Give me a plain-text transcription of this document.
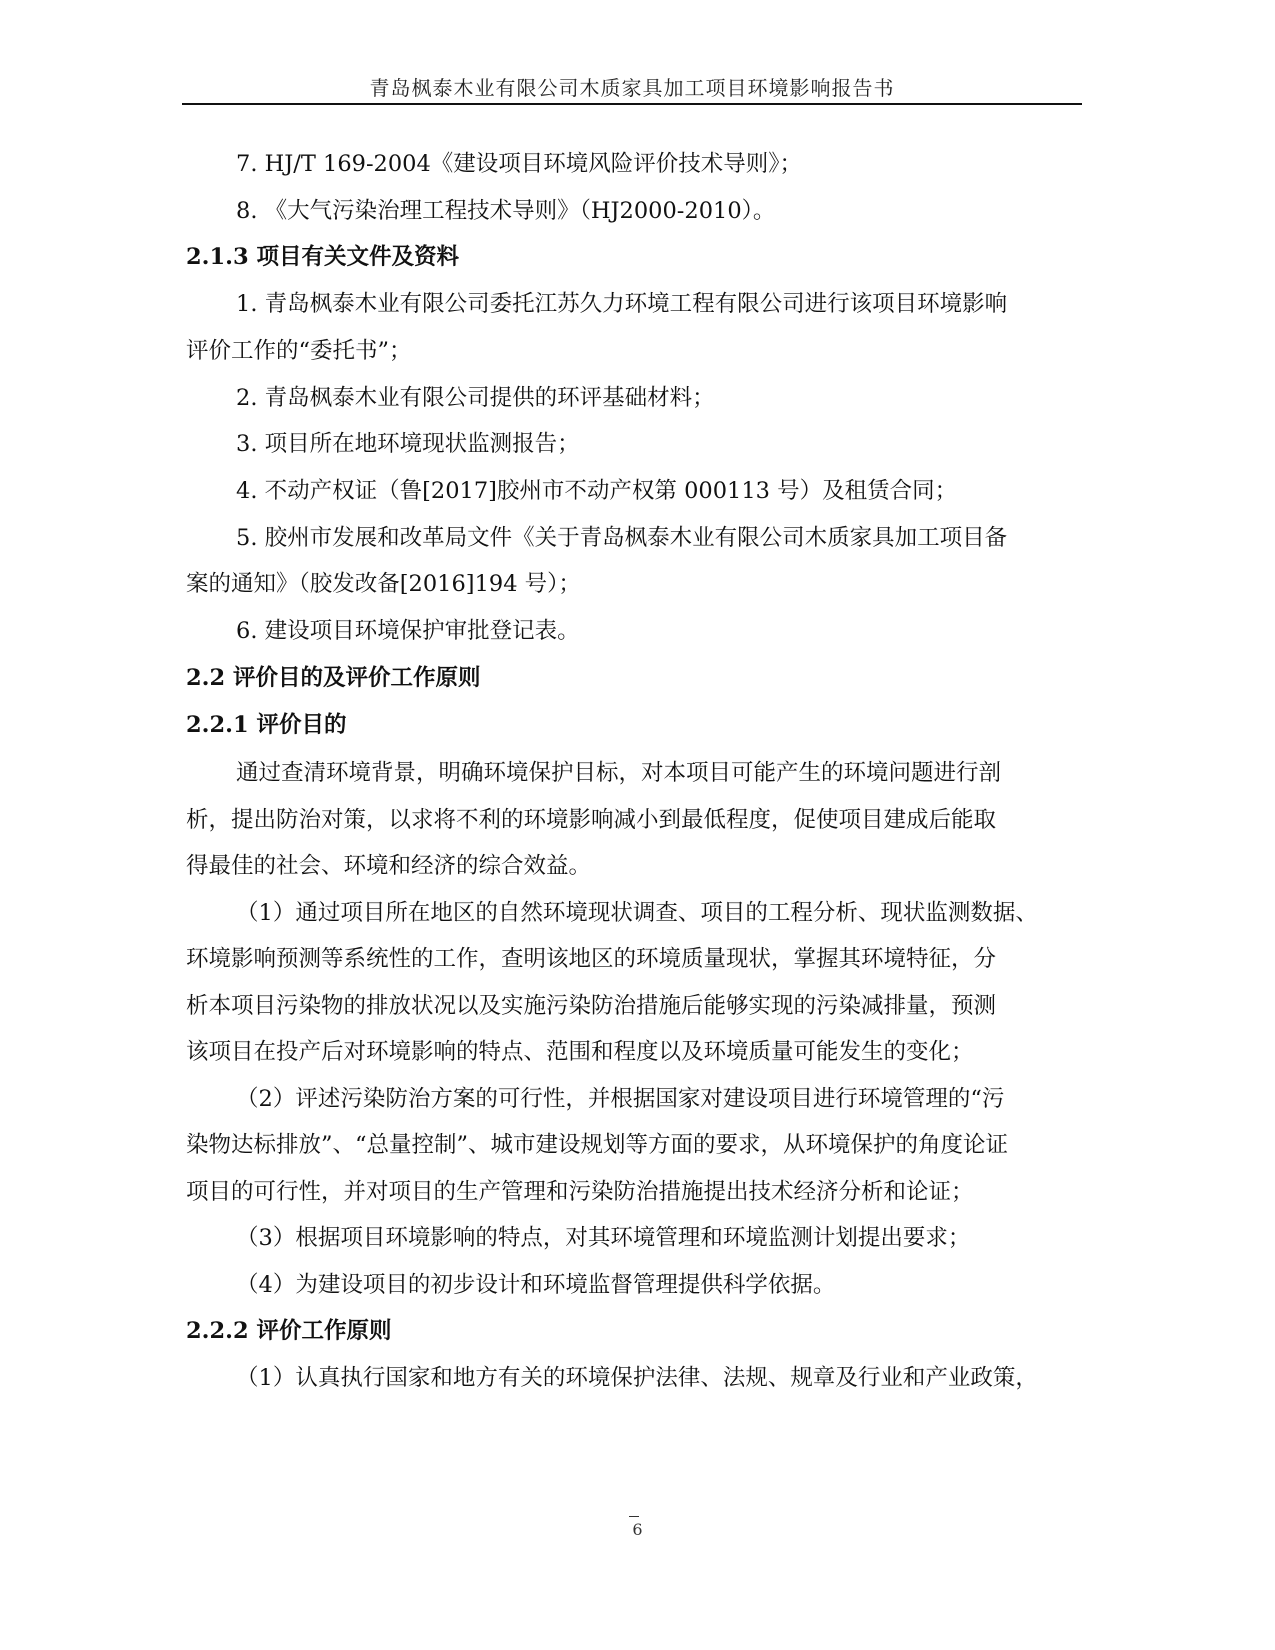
青岛枫泰木业有限公司木质家具加工项目环境影响报告书
7. HJ/T 169-2004《建设项目环境风险评价技术导则》；
8. 《大气污染治理工程技术导则》（HJ2000-2010）。
2.1.3 项目有关文件及资料
1. 青岛枫泰木业有限公司委托江苏久力环境工程有限公司进行该项目环境影响
评价工作的“委托书”；
2. 青岛枫泰木业有限公司提供的环评基础材料；
3. 项目所在地环境现状监测报告；
4. 不动产权证（鲁[2017]胶州市不动产权第 000113 号）及租赁合同；
5. 胶州市发展和改革局文件《关于青岛枫泰木业有限公司木质家具加工项目备
案的通知》（胶发改备[2016]194 号）；
6. 建设项目环境保护审批登记表。
2.2 评价目的及评价工作原则
2.2.1 评价目的
通过查清环境背景，明确环境保护目标，对本项目可能产生的环境问题进行剖
析，提出防治对策，以求将不利的环境影响减小到最低程度，促使项目建成后能取
得最佳的社会、环境和经济的综合效益。
（1）通过项目所在地区的自然环境现状调查、项目的工程分析、现状监测数据、
环境影响预测等系统性的工作，查明该地区的环境质量现状，掌握其环境特征，分
析本项目污染物的排放状况以及实施污染防治措施后能够实现的污染减排量，预测
该项目在投产后对环境影响的特点、范围和程度以及环境质量可能发生的变化；
（2）评述污染防治方案的可行性，并根据国家对建设项目进行环境管理的“污
染物达标排放”、“总量控制”、城市建设规划等方面的要求，从环境保护的角度论证
项目的可行性，并对项目的生产管理和污染防治措施提出技术经济分析和论证；
（3）根据项目环境影响的特点，对其环境管理和环境监测计划提出要求；
（4）为建设项目的初步设计和环境监督管理提供科学依据。
2.2.2 评价工作原则
（1）认真执行国家和地方有关的环境保护法律、法规、规章及行业和产业政策，
6
